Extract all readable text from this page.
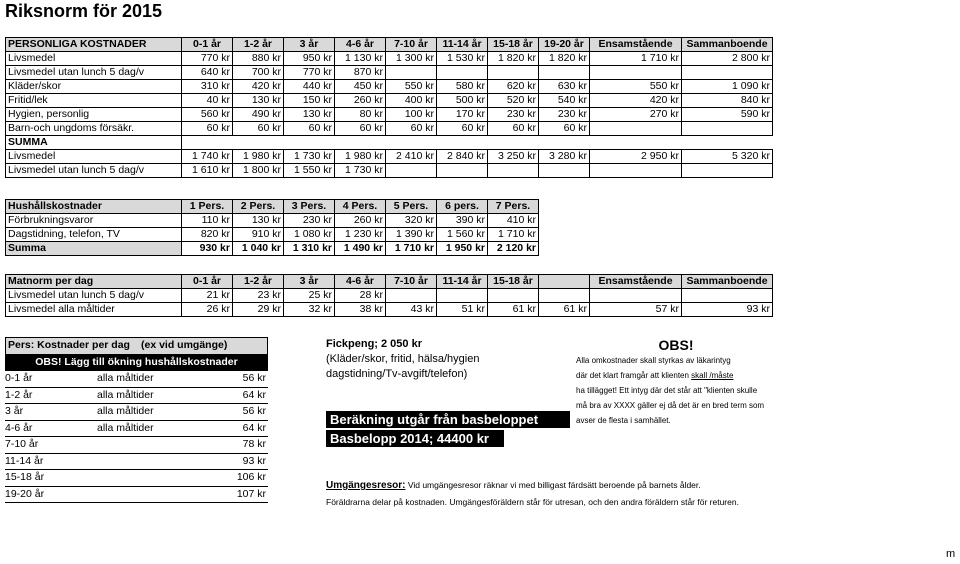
Riksnorm för 2015
PERSONLIGA KOSTNADER	0-1 år	1-2 år	3 år	4-6 år	7-10 år	11-14 år	15-18 år	19-20 år	Ensamstående	Sammanboende
Livsmedel	770 kr	880 kr	950 kr	1 130 kr	1 300 kr	1 530 kr	1 820 kr	1 820 kr	1 710 kr	2 800 kr
Livsmedel utan lunch 5 dag/v	640 kr	700 kr	770 kr	870 kr						
Kläder/skor	310 kr	420 kr	440 kr	450 kr	550 kr	580 kr	620 kr	630 kr	550 kr	1 090 kr
Fritid/lek	40 kr	130 kr	150 kr	260 kr	400 kr	500 kr	520 kr	540 kr	420 kr	840 kr
Hygien, personlig	560 kr	490 kr	130 kr	80 kr	100 kr	170 kr	230 kr	230 kr	270 kr	590 kr
Barn-och ungdoms försäkr.	60 kr	60 kr	60 kr	60 kr	60 kr	60 kr	60 kr	60 kr		
SUMMA										
Livsmedel	1 740 kr	1 980 kr	1 730 kr	1 980 kr	2 410 kr	2 840 kr	3 250 kr	3 280 kr	2 950 kr	5 320 kr
Livsmedel utan lunch 5 dag/v	1 610 kr	1 800 kr	1 550 kr	1 730 kr						
Hushållskostnader	1 Pers.	2 Pers.	3 Pers.	4 Pers.	5 Pers.	6 pers.	7 Pers.
Förbrukningsvaror	110 kr	130 kr	230 kr	260 kr	320 kr	390 kr	410 kr
Dagstidning, telefon, TV	820 kr	910 kr	1 080 kr	1 230 kr	1 390 kr	1 560 kr	1 710 kr
Summa	930 kr	1 040 kr	1 310 kr	1 490 kr	1 710 kr	1 950 kr	2 120 kr
Matnorm per dag	0-1 år	1-2 år	3 år	4-6 år	7-10 år	11-14 år	15-18 år		Ensamstående	Sammanboende
Livsmedel utan lunch 5 dag/v	21 kr	23 kr	25 kr	28 kr						
Livsmedel alla måltider	26 kr	29 kr	32 kr	38 kr	43 kr	51 kr	61 kr	61 kr	57 kr	93 kr
Pers: Kostnader per dag (ex vid umgänge)
OBS! Lägg till ökning hushållskostnader
0-1 år	alla måltider	56 kr
1-2 år	alla måltider	64 kr
3 år	alla måltider	56 kr
4-6 år	alla måltider	64 kr
7-10 år	78 kr
11-14 år	93 kr
15-18 år	106 kr
19-20 år	107 kr
Fickpeng; 2 050 kr
(Kläder/skor, fritid, hälsa/hygien
dagstidning/Tv-avgift/telefon)
Beräkning utgår från basbeloppet
Basbelopp 2014; 44400 kr
OBS!
Alla omkostnader skall styrkas av läkarintyg
där det klart framgår att klienten skall /måste
ha tillägget! Ett intyg där det står att "klienten skulle
må bra av XXXX gäller ej då det är en bred term som
avser de flesta i samhället.
Umgängesresor: Vid umgängesresor räknar vi med billigast färdsätt beroende på barnets ålder.
Föräldrarna delar på kostnaden. Umgängesföräldern står för utresan, och den andra föräldern står för returen.
m
